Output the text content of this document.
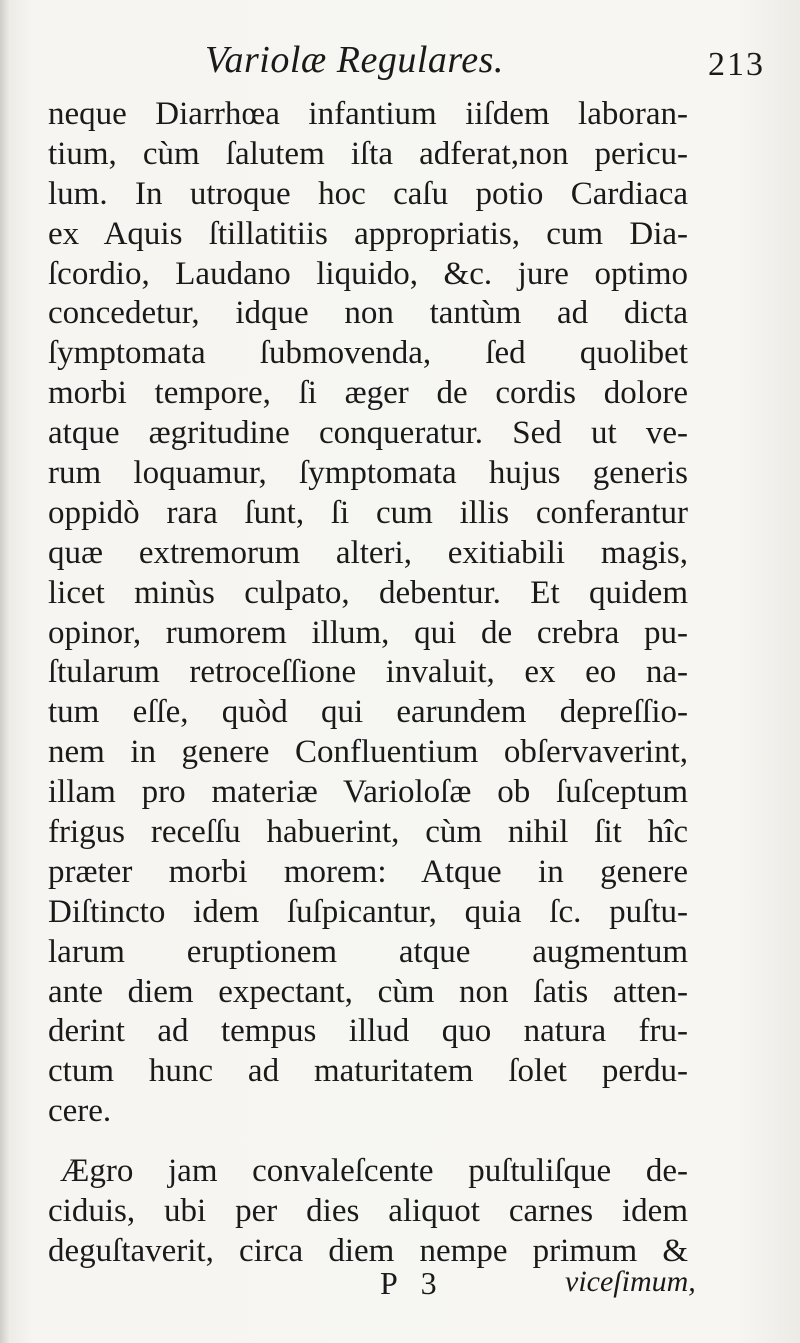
Variolæ Regulares.	213
neque Diarrhœa infantium iiſdem laboran-
tium, cùm ſalutem iſta adferat,non pericu-
lum. In utroque hoc caſu potio Cardiaca
ex Aquis ſtillatitiis appropriatis, cum Dia-
ſcordio, Laudano liquido, &c. jure optimo
concedetur, idque non tantùm ad dicta
ſymptomata ſubmovenda, ſed quolibet
morbi tempore, ſi æger de cordis dolore
atque ægritudine conqueratur. Sed ut ve-
rum loquamur, ſymptomata hujus generis
oppidò rara ſunt, ſi cum illis conferantur
quæ extremorum alteri, exitiabili magis,
licet minùs culpato, debentur. Et quidem
opinor, rumorem illum, qui de crebra pu-
ſtularum retroceſſione invaluit, ex eo na-
tum eſſe, quòd qui earundem depreſſio-
nem in genere Confluentium obſervaverint,
illam pro materiæ Varioloſæ ob ſuſceptum
frigus receſſu habuerint, cùm nihil ſit hîc
præter morbi morem: Atque in genere
Diſtincto idem ſuſpicantur, quia ſc. puſtu-
larum eruptionem atque augmentum
ante diem expectant, cùm non ſatis atten-
derint ad tempus illud quo natura fru-
ctum hunc ad maturitatem ſolet perdu-
cere.
Ægro jam convaleſcente puſtuliſque de-
ciduis, ubi per dies aliquot carnes idem
deguſtaverit, circa diem nempe primum &
P 3	viceſimum,
